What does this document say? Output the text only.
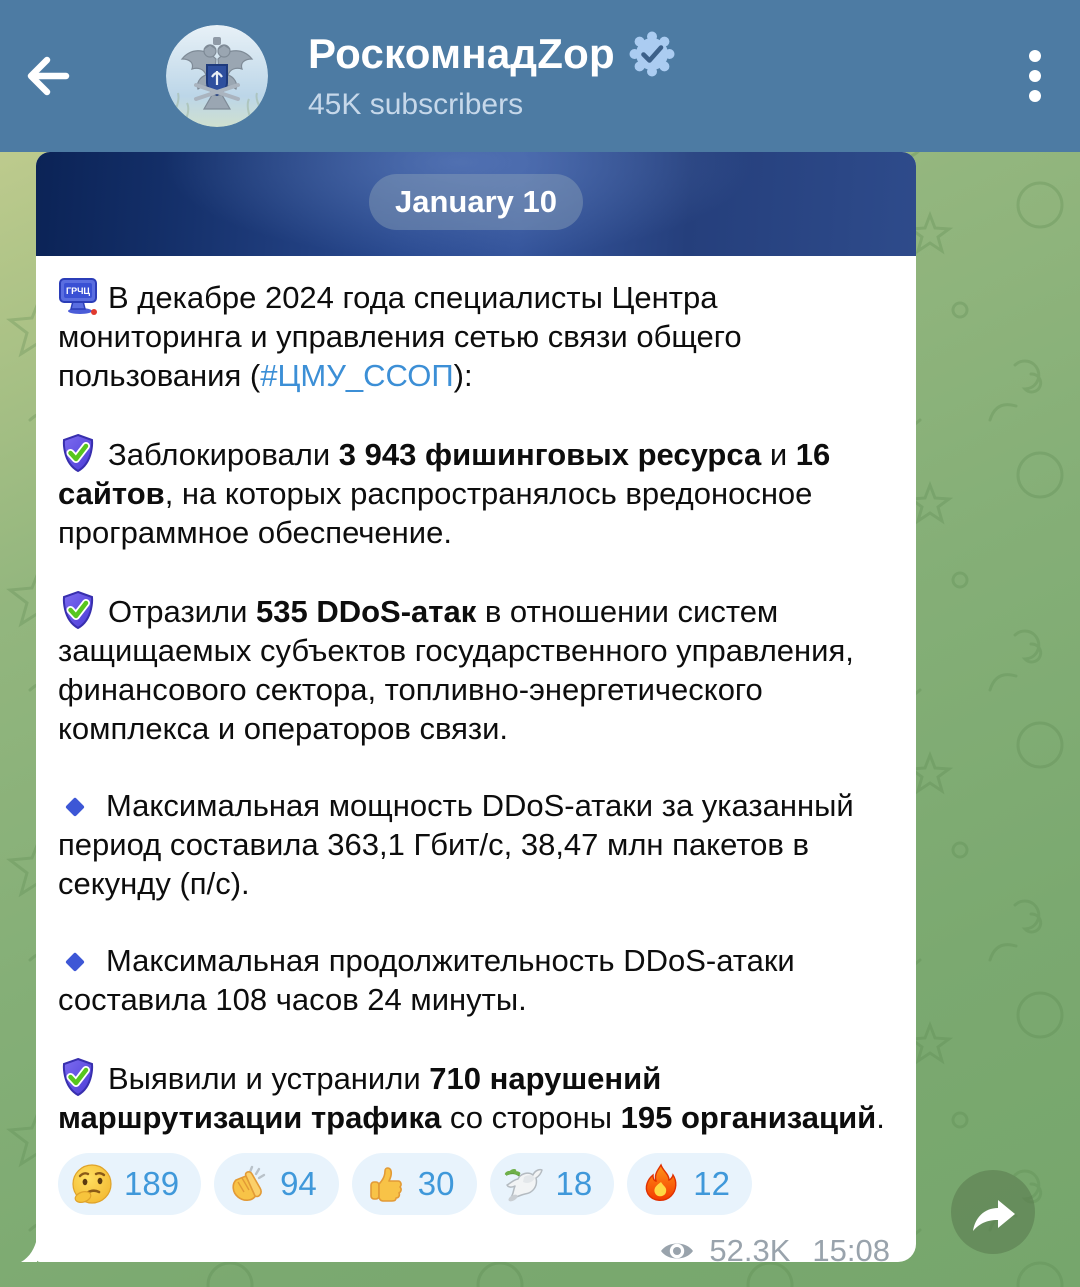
January 10
ГРЧЦ В декабре 2024 года специалисты Центра мониторинга и управления сетью связи общего пользования (#ЦМУ_ССОП):
Заблокировали 3 943 фишинговых ресурса и 16 сайтов, на которых распространялось вредоносное программное обеспечение.
Отразили 535 DDoS-атак в отношении систем защищаемых субъектов государственного управления, финансового сектора, топливно-энергетического комплекса и операторов связи.
Максимальная мощность DDoS-атаки за указанный период составила 363,1 Гбит/с, 38,47 млн пакетов в секунду (п/с).
Максимальная продолжительность DDoS-атаки составила 108 часов 24 минуты.
Выявили и устранили 710 нарушений маршрутизации трафика со стороны 195 организаций.
189	94	30	18	12
52.3K 15:08
РоскомнадZор
45K subscribers
